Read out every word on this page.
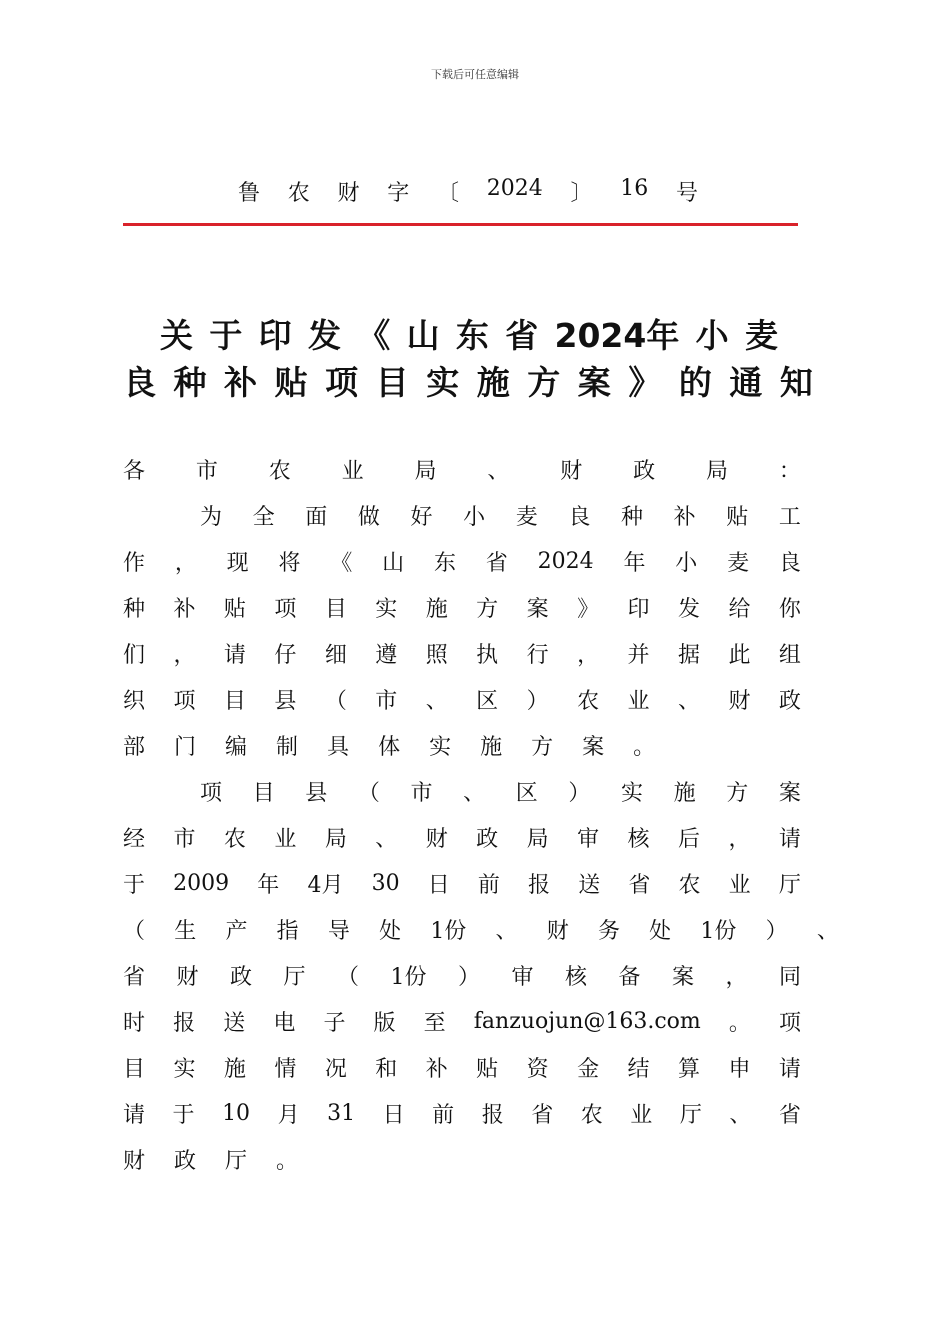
下载后可任意编辑
鲁 农 财 字 〔 2024 〕 16 号
关 于 印 发 《 山 东 省 2024年 小 麦
良 种 补 贴 项 目 实 施 方 案 》 的 通 知
各 市 农 业 局 、 财 政 局 ：
为 全 面 做 好 小 麦 良 种 补 贴 工
作 ， 现 将 《 山 东 省 2024 年 小 麦 良
种 补 贴 项 目 实 施 方 案 》 印 发 给 你
们 ， 请 仔 细 遵 照 执 行 ， 并 据 此 组
织 项 目 县 （ 市 、 区 ） 农 业 、 财 政
部 门 编 制 具 体 实 施 方 案 。
项 目 县 （ 市 、 区 ） 实 施 方 案
经 市 农 业 局 、 财 政 局 审 核 后 ， 请
于 2009 年 4月 30 日 前 报 送 省 农 业 厅
（ 生 产 指 导 处 1份 、 财 务 处 1份 ） 、
省 财 政 厅 （ 1份 ） 审 核 备 案 ， 同
时 报 送 电 子 版 至 fanzuojun@163.com 。 项
目 实 施 情 况 和 补 贴 资 金 结 算 申 请
请 于 10 月 31 日 前 报 省 农 业 厅 、 省
财 政 厅 。
